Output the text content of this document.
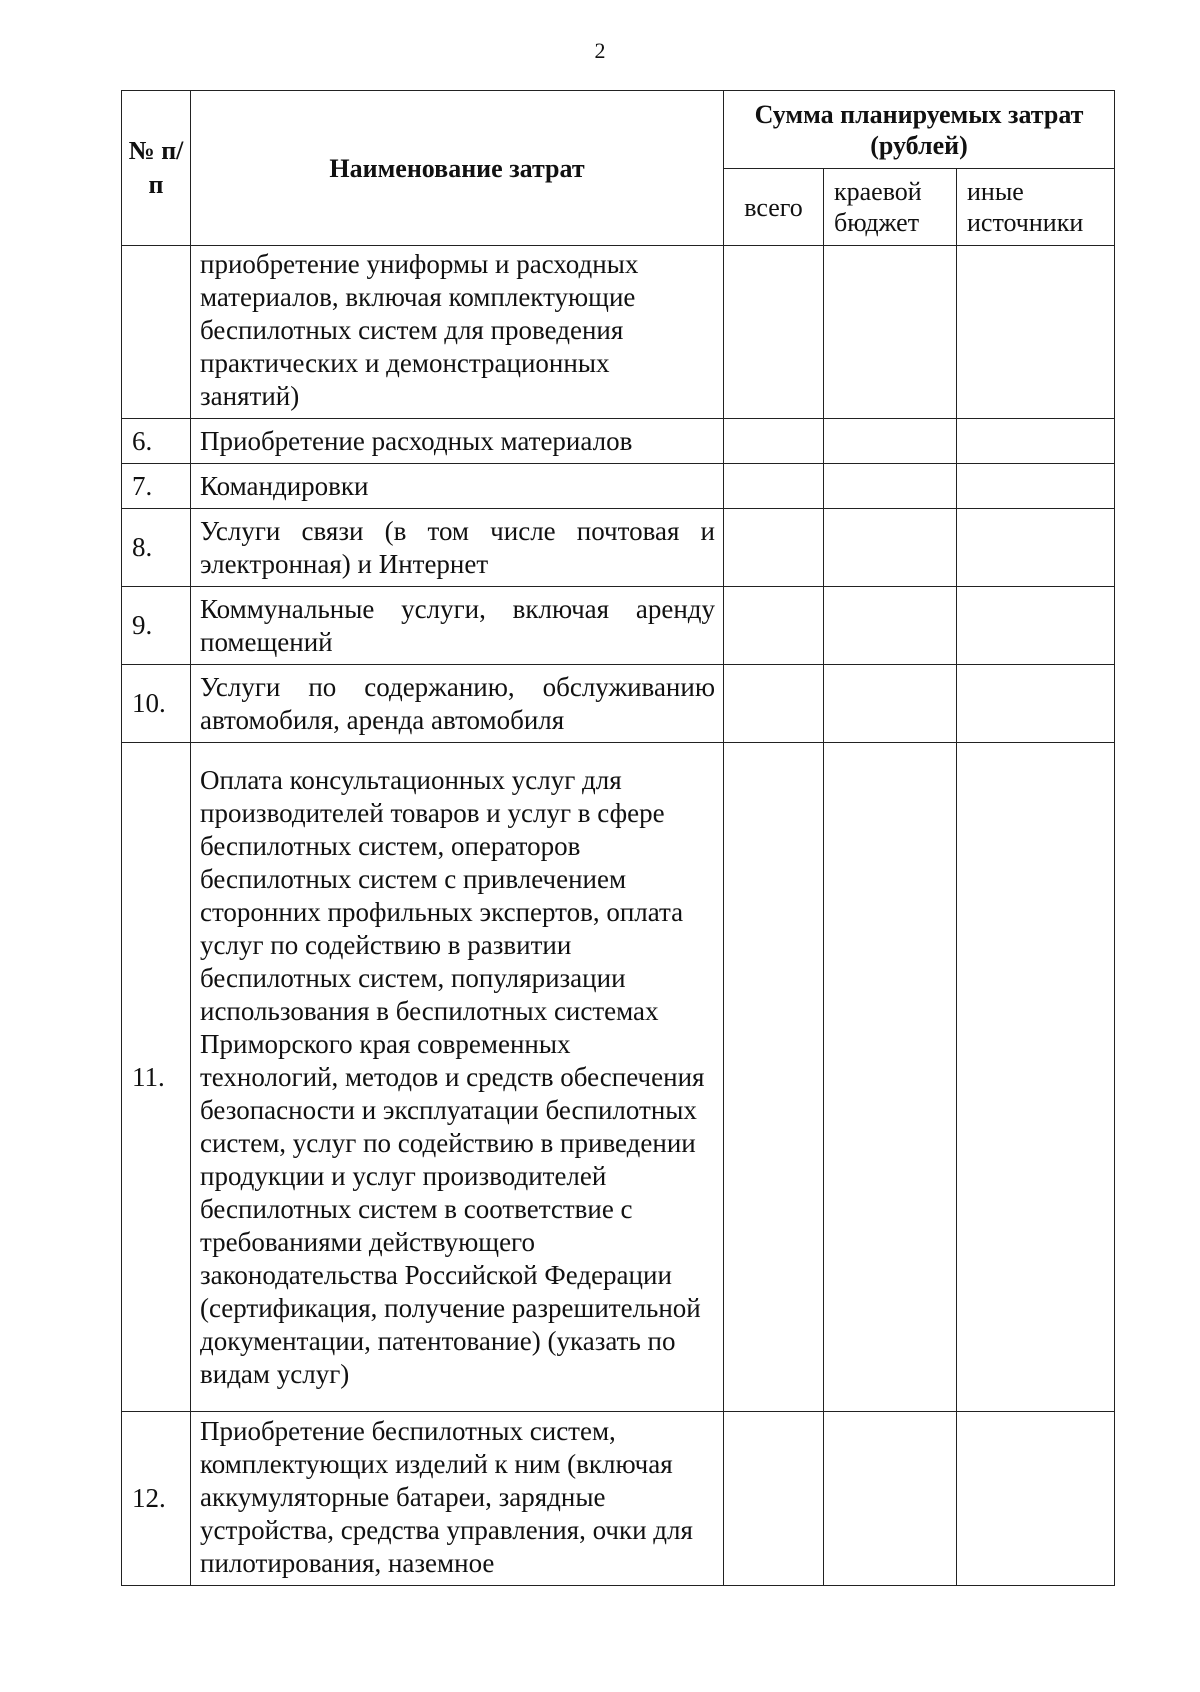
2
№ п/п	Наименование затрат	Сумма планируемых затрат (рублей)		
		всего	краевой бюджет	иные источники
	приобретение униформы и расходных материалов, включая комплектующие беспилотных систем для проведения практических и демонстрационных занятий)			
6.	Приобретение расходных материалов			
7.	Командировки			
8.	Услуги связи (в том числе почтовая и электронная) и Интернет			
9.	Коммунальные услуги, включая аренду помещений			
10.	Услуги по содержанию, обслуживанию автомобиля, аренда автомобиля			
11.	Оплата консультационных услуг для производителей товаров и услуг в сфере беспилотных систем, операторов беспилотных систем с привлечением сторонних профильных экспертов, оплата услуг по содействию в развитии беспилотных систем, популяризации использования в беспилотных системах Приморского края современных технологий, методов и средств обеспечения безопасности и эксплуатации беспилотных систем, услуг по содействию в приведении продукции и услуг производителей беспилотных систем в соответствие с требованиями действующего законодательства Российской Федерации (сертификация, получение разрешительной документации, патентование) (указать по видам услуг)			
12.	Приобретение беспилотных систем, комплектующих изделий к ним (включая аккумуляторные батареи, зарядные устройства, средства управления, очки для пилотирования, наземное			
